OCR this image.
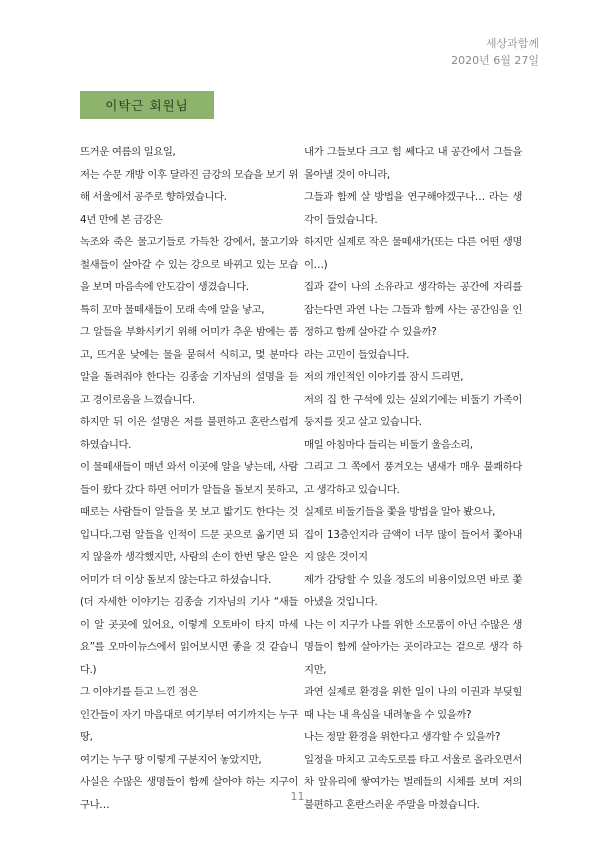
세상과함께
2020년 6월 27일
이탁근 회원님

뜨거운 여름의 일요일,

저는 수문 개방 이후 달라진 금강의 모습을 보기 위해 서울에서 공주로 향하였습니다.

4년 만에 본 금강은

녹조와 죽은 물고기들로 가득찬 강에서, 물고기와 철새들이 살아갈 수 있는 강으로 바뀌고 있는 모습을 보며 마음속에 안도감이 생겼습니다.

특히 꼬마 물떼새들이 모래 속에 알을 낳고,

그 알들을 부화시키기 위해 어미가 추운 밤에는 품고, 뜨거운 낮에는 물을 묻혀서 식히고, 몇 분마다 알을 돌려줘야 한다는 김종술 기자님의 설명을 듣고 경이로움을 느꼈습니다.

하지만 뒤 이은 설명은 저를 불편하고 혼란스럽게 하였습니다.

이 물떼새들이 매년 와서 이곳에 알을 낳는데, 사람들이 왔다 갔다 하면 어미가 알들을 돌보지 못하고, 때로는 사람들이 알들을 못 보고 밟기도 한다는 것입니다.그럼 알들을 인적이 드문 곳으로 옮기면 되지 않을까 생각했지만, 사람의 손이 한번 닿은 알은 어미가 더 이상 돌보지 않는다고 하셨습니다.

(더 자세한 이야기는 김종술 기자님의 기사 “새들이 알 곳곳에 있어요, 이렇게 오토바이 타지 마세요”를 오마이뉴스에서 읽어보시면 좋을 것 같습니다.)

그 이야기를 듣고 느낀 점은

인간들이 자기 마음대로 여기부터 여기까지는 누구 땅,

여기는 누구 땅 이렇게 구분지어 놓았지만,

사실은 수많은 생명들이 함께 살아야 하는 지구이구나…

내가 그들보다 크고 힘 쎄다고 내 공간에서 그들을 몰아낼 것이 아니라,

그들과 함께 살 방법을 연구해야겠구나… 라는 생각이 들었습니다.

하지만 실제로 작은 물떼새가(또는 다른 어떤 생명이…)

집과 같이 나의 소유라고 생각하는 공간에 자리를 잡는다면 과연 나는 그들과 함께 사는 공간임을 인정하고 함께 살아갈 수 있을까?

라는 고민이 들었습니다.

저의 개인적인 이야기를 잠시 드리면,

저의 집 한 구석에 있는 실외기에는 비둘기 가족이 둥지를 짓고 살고 있습니다.

매일 아침마다 들리는 비둘기 울음소리,

그리고 그 쪽에서 풍겨오는 냄새가 매우 불쾌하다고 생각하고 있습니다.

실제로 비둘기들을 쫓을 방법을 알아 봤으나,

집이 13층인지라 금액이 너무 많이 들어서 쫓아내지 않은 것이지

제가 감당할 수 있을 정도의 비용이었으면 바로 쫓아냈을 것입니다.

나는 이 지구가 나를 위한 소모품이 아닌 수많은 생명들이 함께 살아가는 곳이라고는 겉으로 생각 하지만,

과연 실제로 환경을 위한 일이 나의 이권과 부딪힐 때 나는 내 욕심을 내려놓을 수 있을까?

나는 정말 환경을 위한다고 생각할 수 있을까?

일정을 마치고 고속도로를 타고 서울로 올라오면서 차 앞유리에 쌓여가는 벌레들의 시체를 보며 저의 불편하고 혼란스러운 주말을 마쳤습니다.

11
